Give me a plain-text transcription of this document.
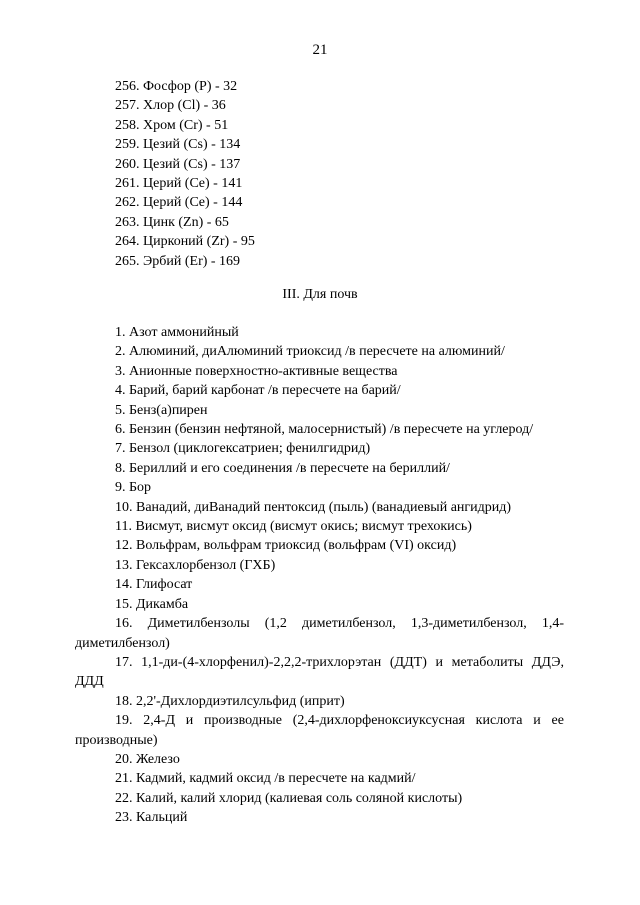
21
256. Фосфор (P) - 32
257. Хлор (Cl) - 36
258. Хром (Cr) - 51
259. Цезий (Cs) - 134
260. Цезий (Cs) - 137
261. Церий (Ce) - 141
262. Церий (Ce) - 144
263. Цинк (Zn) - 65
264. Цирконий (Zr) - 95
265. Эрбий (Er) - 169
III. Для почв
1. Азот аммонийный
2. Алюминий, диАлюминий триоксид /в пересчете на алюминий/
3. Анионные поверхностно-активные вещества
4. Барий, барий карбонат /в пересчете на барий/
5. Бенз(а)пирен
6. Бензин (бензин нефтяной, малосернистый) /в пересчете на углерод/
7. Бензол (циклогексатриен; фенилгидрид)
8. Бериллий и его соединения /в пересчете на бериллий/
9. Бор
10. Ванадий, диВанадий пентоксид (пыль) (ванадиевый ангидрид)
11. Висмут, висмут оксид (висмут окись; висмут трехокись)
12. Вольфрам, вольфрам триоксид (вольфрам (VI) оксид)
13. Гексахлорбензол (ГХБ)
14. Глифосат
15. Дикамба
16. Диметилбензолы (1,2 диметилбензол, 1,3-диметилбензол, 1,4-диметилбензол)
17. 1,1-ди-(4-хлорфенил)-2,2,2-трихлорэтан (ДДТ) и метаболиты ДДЭ, ДДД
18. 2,2'-Дихлордиэтилсульфид (иприт)
19. 2,4-Д и производные (2,4-дихлорфеноксиуксусная кислота и ее производные)
20. Железо
21. Кадмий, кадмий оксид /в пересчете на кадмий/
22. Калий, калий хлорид (калиевая соль соляной кислоты)
23. Кальций
